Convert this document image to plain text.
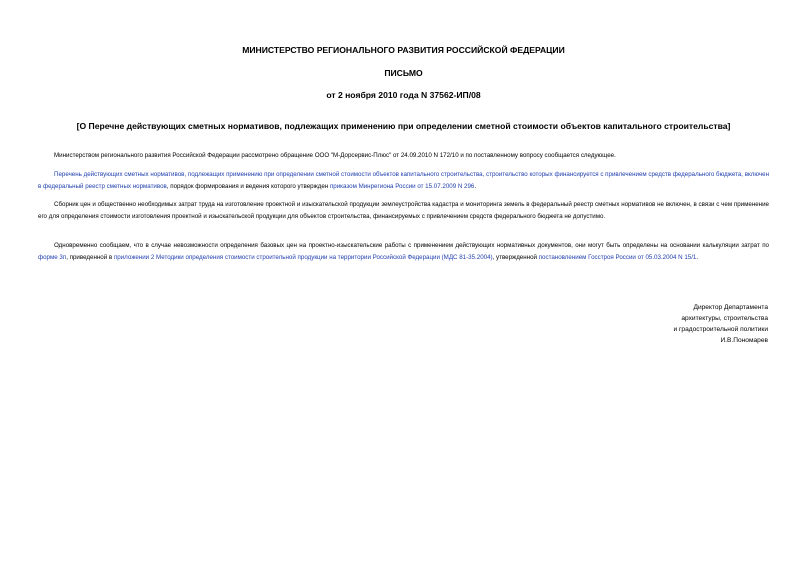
МИНИСТЕРСТВО РЕГИОНАЛЬНОГО РАЗВИТИЯ РОССИЙСКОЙ ФЕДЕРАЦИИ
ПИСЬМО
от 2 ноября 2010 года N 37562-ИП/08
[О Перечне действующих сметных нормативов, подлежащих применению при определении сметной стоимости объектов капитального строительства]
Министерством регионального развития Российской Федерации рассмотрено обращение ООО "М-Дорсервис-Плюс" от 24.09.2010 N 172/10 и по поставленному вопросу сообщается следующее.
Перечень действующих сметных нормативов, подлежащих применению при определении сметной стоимости объектов капитального строительства, строительство которых финансируется с привлечением средств федерального бюджета, включен в федеральный реестр сметных нормативов, порядок формирования и ведения которого утвержден приказом Минрегиона России от 15.07.2009 N 296.
Сборник цен и общественно необходимых затрат труда на изготовление проектной и изыскательской продукции землеустройства кадастра и мониторинга земель в федеральный реестр сметных нормативов не включен, в связи с чем применение его для определения стоимости изготовления проектной и изыскательской продукции для объектов строительства, финансируемых с привлечением средств федерального бюджета не допустимо.
Одновременно сообщаем, что в случае невозможности определения базовых цен на проектно-изыскательские работы с применением действующих нормативных документов, они могут быть определены на основании калькуляции затрат по форме 3п, приведенной в приложении 2 Методики определения стоимости строительной продукции на территории Российской Федерации (МДС 81-35.2004), утвержденной постановлением Госстроя России от 05.03.2004 N 15/1.
Директор Департамента
архитектуры, строительства
и градостроительной политики
И.В.Пономарев
